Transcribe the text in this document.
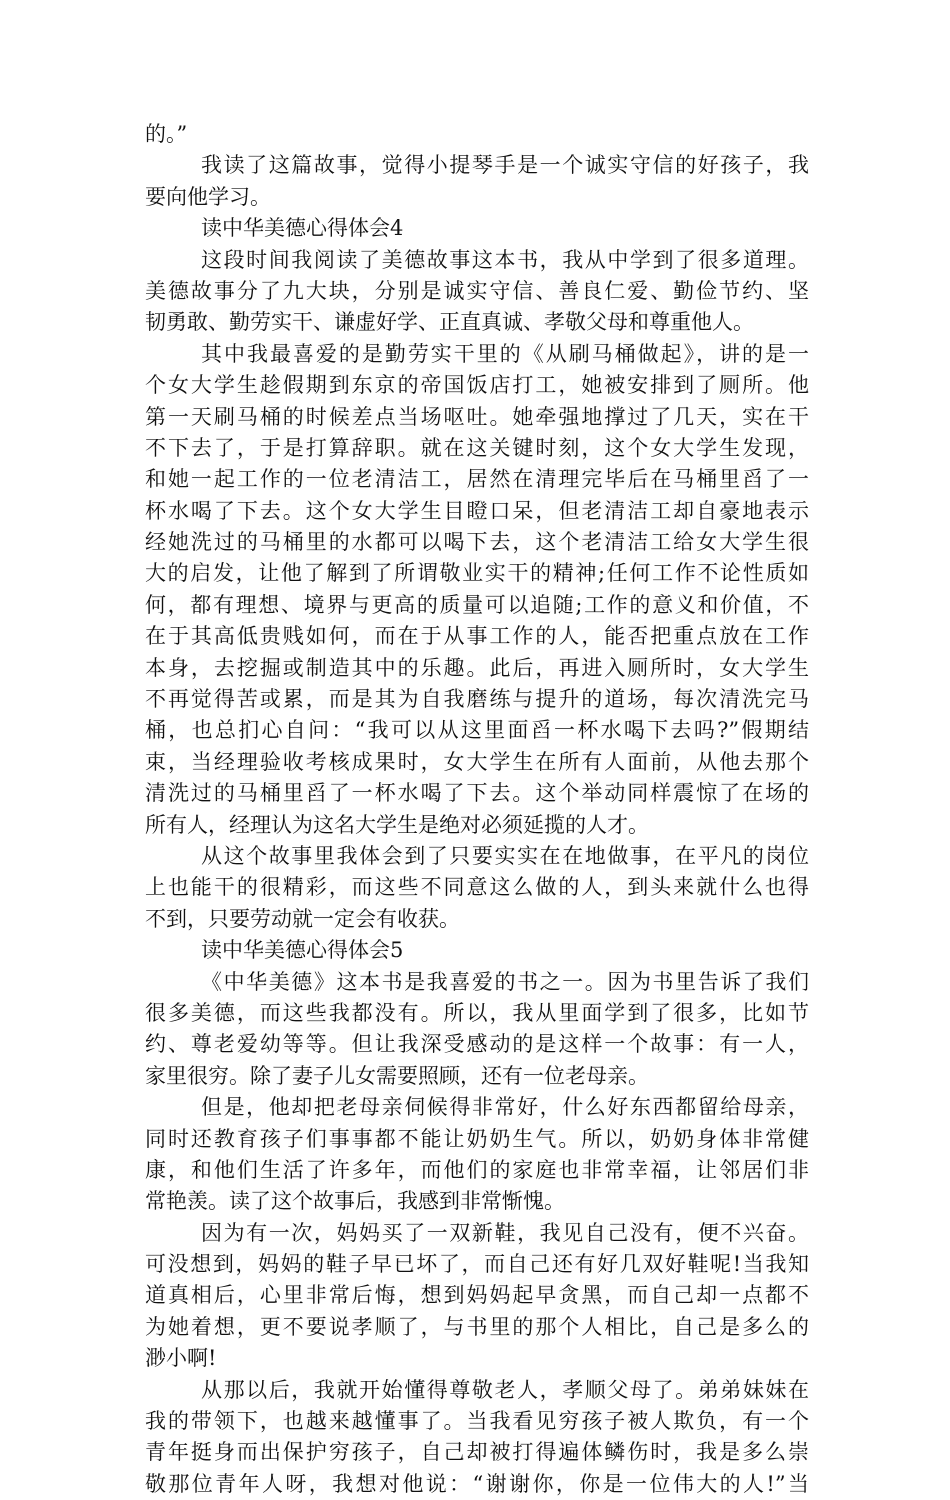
的。”
我读了这篇故事，觉得小提琴手是一个诚实守信的好孩子，我
要向他学习。
读中华美德心得体会4
这段时间我阅读了美德故事这本书，我从中学到了很多道理。
美德故事分了九大块，分别是诚实守信、善良仁爱、勤俭节约、坚
韧勇敢、勤劳实干、谦虚好学、正直真诚、孝敬父母和尊重他人。
其中我最喜爱的是勤劳实干里的《从刷马桶做起》，讲的是一
个女大学生趁假期到东京的帝国饭店打工，她被安排到了厕所。他
第一天刷马桶的时候差点当场呕吐。她牵强地撑过了几天，实在干
不下去了，于是打算辞职。就在这关键时刻，这个女大学生发现，
和她一起工作的一位老清洁工，居然在清理完毕后在马桶里舀了一
杯水喝了下去。这个女大学生目瞪口呆，但老清洁工却自豪地表示
经她洗过的马桶里的水都可以喝下去，这个老清洁工给女大学生很
大的启发，让他了解到了所谓敬业实干的精神;任何工作不论性质如
何，都有理想、境界与更高的质量可以追随;工作的意义和价值，不
在于其高低贵贱如何，而在于从事工作的人，能否把重点放在工作
本身，去挖掘或制造其中的乐趣。此后，再进入厕所时，女大学生
不再觉得苦或累，而是其为自我磨练与提升的道场，每次清洗完马
桶，也总扪心自问：“我可以从这里面舀一杯水喝下去吗?”假期结
束，当经理验收考核成果时，女大学生在所有人面前，从他去那个
清洗过的马桶里舀了一杯水喝了下去。这个举动同样震惊了在场的
所有人，经理认为这名大学生是绝对必须延揽的人才。
从这个故事里我体会到了只要实实在在地做事，在平凡的岗位
上也能干的很精彩，而这些不同意这么做的人，到头来就什么也得
不到，只要劳动就一定会有收获。
读中华美德心得体会5
《中华美德》这本书是我喜爱的书之一。因为书里告诉了我们
很多美德，而这些我都没有。所以，我从里面学到了很多，比如节
约、尊老爱幼等等。但让我深受感动的是这样一个故事：有一人，
家里很穷。除了妻子儿女需要照顾，还有一位老母亲。
但是，他却把老母亲伺候得非常好，什么好东西都留给母亲，
同时还教育孩子们事事都不能让奶奶生气。所以，奶奶身体非常健
康，和他们生活了许多年，而他们的家庭也非常幸福，让邻居们非
常艳羡。读了这个故事后，我感到非常惭愧。
因为有一次，妈妈买了一双新鞋，我见自己没有，便不兴奋。
可没想到，妈妈的鞋子早已坏了，而自己还有好几双好鞋呢!当我知
道真相后，心里非常后悔，想到妈妈起早贪黑，而自己却一点都不
为她着想，更不要说孝顺了，与书里的那个人相比，自己是多么的
渺小啊!
从那以后，我就开始懂得尊敬老人，孝顺父母了。弟弟妹妹在
我的带领下，也越来越懂事了。当我看见穷孩子被人欺负，有一个
青年挺身而出保护穷孩子，自己却被打得遍体鳞伤时，我是多么崇
敬那位青年人呀，我想对他说：“谢谢你，你是一位伟大的人!”当
